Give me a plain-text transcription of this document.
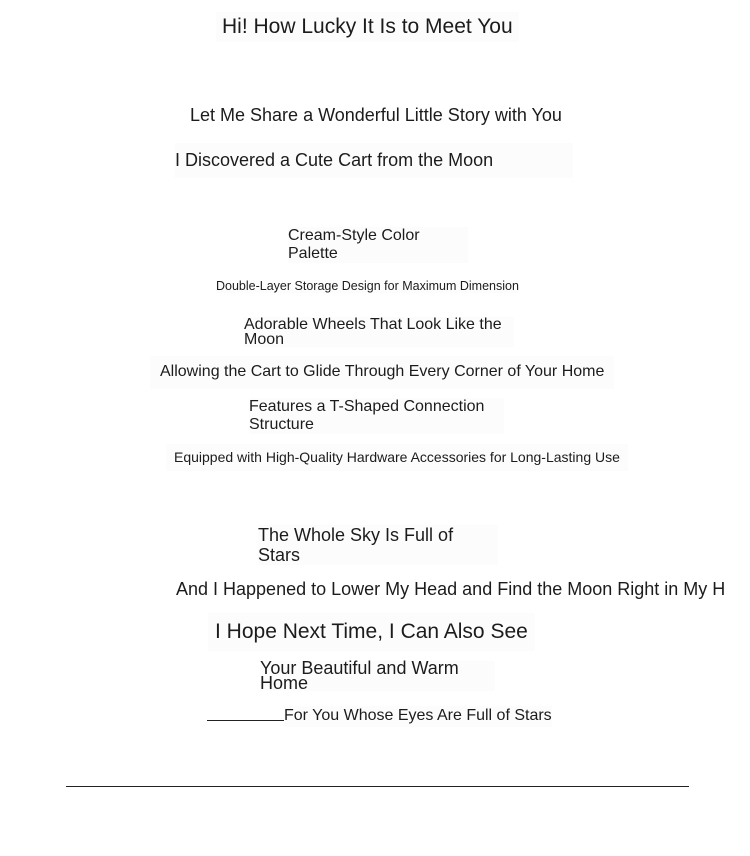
Hi! How Lucky It Is to Meet You

Let Me Share a Wonderful Little Story with You

I Discovered a Cute Cart from the Moon

Cream-Style Color Palette

Double-Layer Storage Design for Maximum Dimension

Adorable Wheels That Look Like the Moon

Allowing the Cart to Glide Through Every Corner of Your Home

Features a T-Shaped Connection Structure

Equipped with High-Quality Hardware Accessories for Long-Lasting Use

The Whole Sky Is Full of Stars

And I Happened to Lower My Head and Find the Moon Right in My H

I Hope Next Time, I Can Also See

Your Beautiful and Warm Home

For You Whose Eyes Are Full of Stars
